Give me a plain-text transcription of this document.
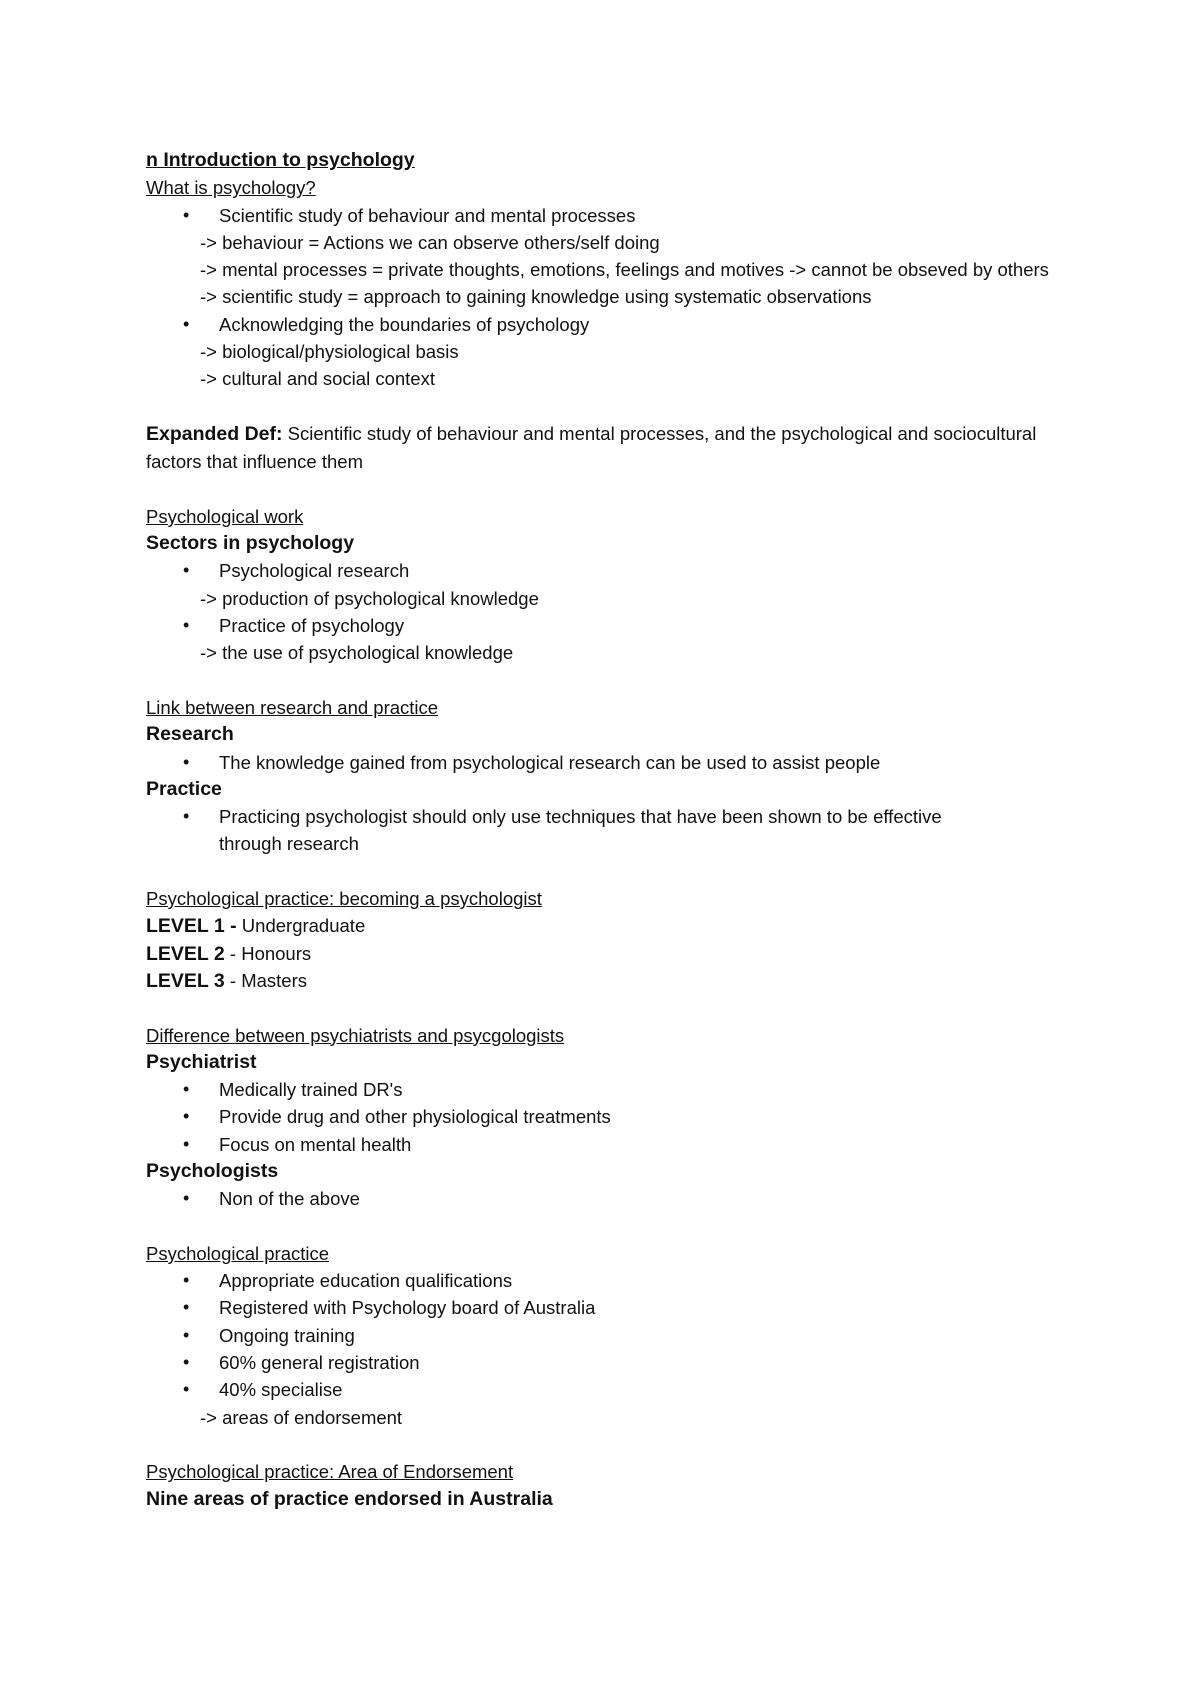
n Introduction to psychology
What is psychology?
• Scientific study of behaviour and mental processes
-> behaviour = Actions we can observe others/self doing
-> mental processes = private thoughts, emotions, feelings and motives -> cannot be obseved by others
-> scientific study = approach to gaining knowledge using systematic observations
• Acknowledging the boundaries of psychology
-> biological/physiological basis
-> cultural and social context
Expanded Def: Scientific study of behaviour and mental processes, and the psychological and sociocultural factors that influence them
Psychological work
Sectors in psychology
• Psychological research
-> production of psychological knowledge
• Practice of psychology
-> the use of psychological knowledge
Link between research and practice
Research
• The knowledge gained from psychological research can be used to assist people
Practice
• Practicing psychologist should only use techniques that have been shown to be effective through research
Psychological practice: becoming a psychologist
LEVEL 1 - Undergraduate
LEVEL 2 - Honours
LEVEL 3 - Masters
Difference between psychiatrists and psycgologists
Psychiatrist
• Medically trained DR's
• Provide drug and other physiological treatments
• Focus on mental health
Psychologists
• Non of the above
Psychological practice
• Appropriate education qualifications
• Registered with Psychology board of Australia
• Ongoing training
• 60% general registration
• 40% specialise
-> areas of endorsement
Psychological practice: Area of Endorsement
Nine areas of practice endorsed in Australia
